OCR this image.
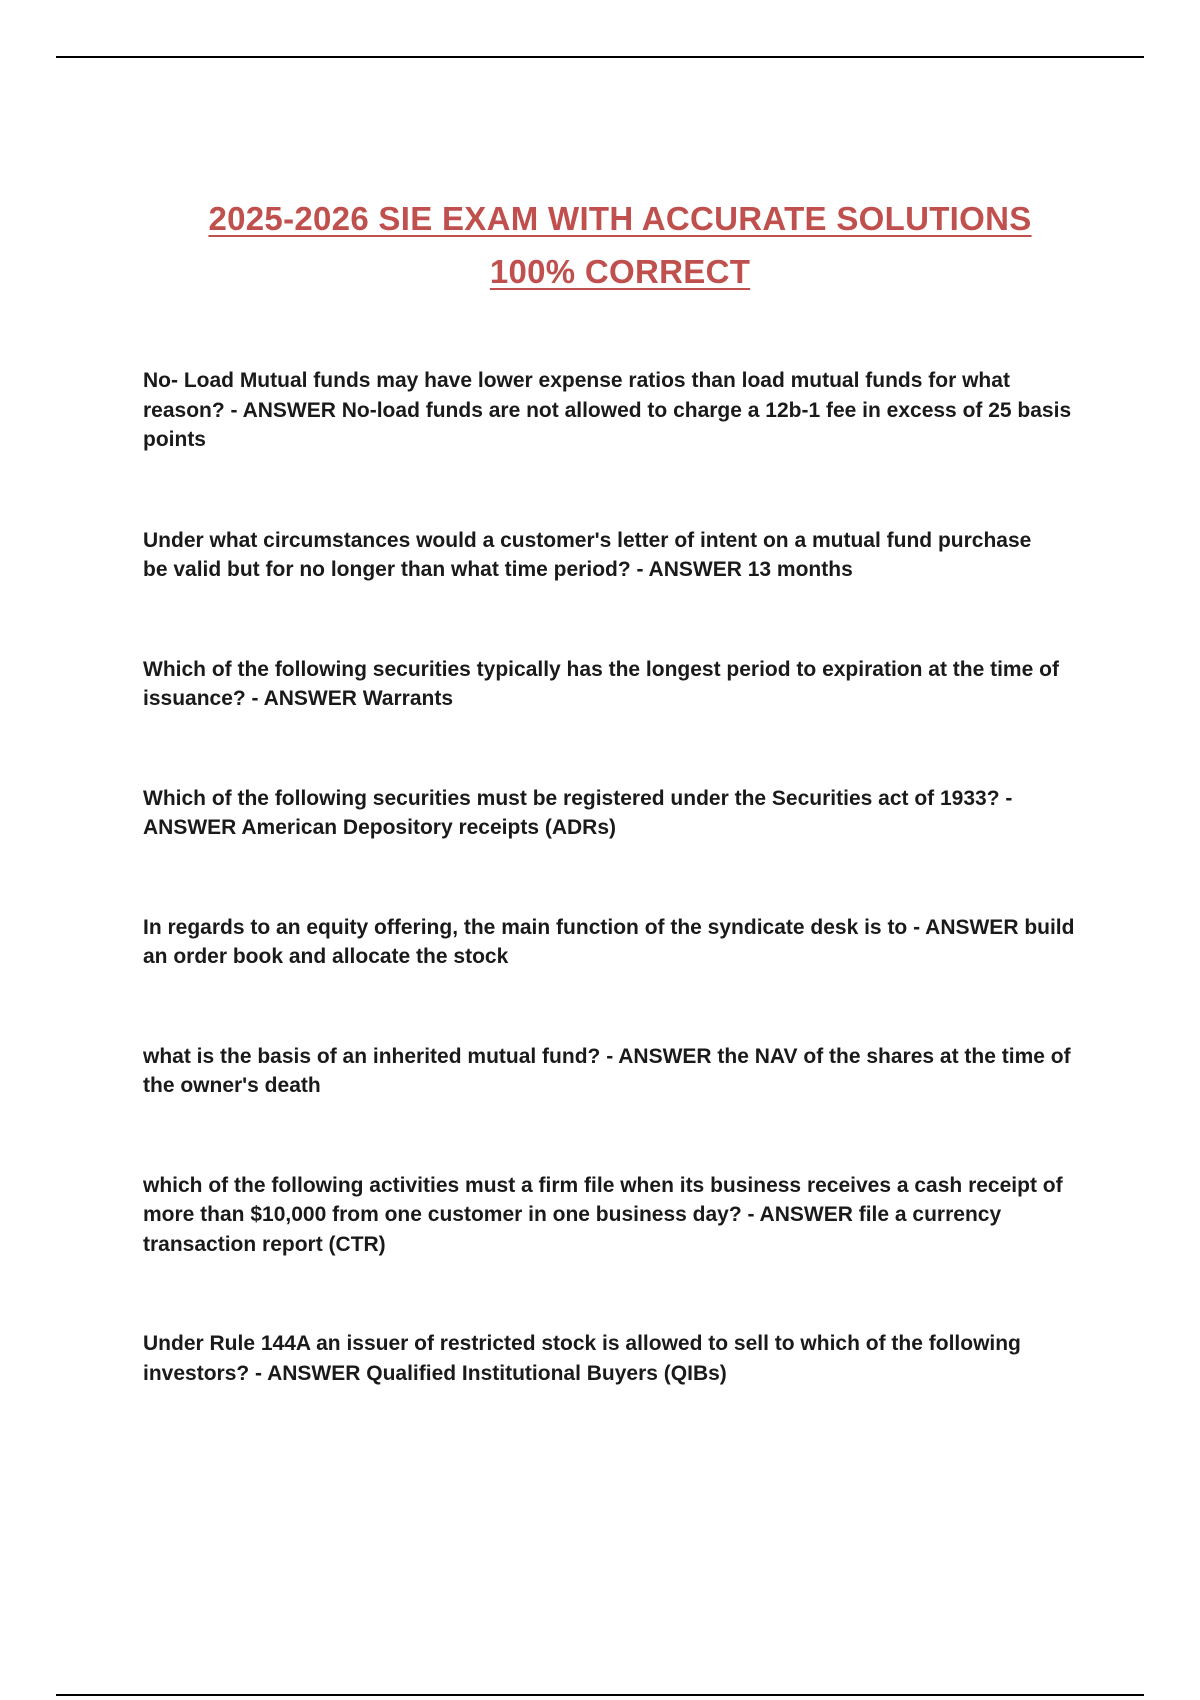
2025-2026 SIE EXAM WITH ACCURATE SOLUTIONS
100% CORRECT

No- Load Mutual funds may have lower expense ratios than load mutual funds for what reason? - ANSWER No-load funds are not allowed to charge a 12b-1 fee in excess of 25 basis points

Under what circumstances would a customer's letter of intent on a mutual fund purchase be valid but for no longer than what time period? - ANSWER 13 months

Which of the following securities typically has the longest period to expiration at the time of issuance? - ANSWER Warrants

Which of the following securities must be registered under the Securities act of 1933? - ANSWER American Depository receipts (ADRs)

In regards to an equity offering, the main function of the syndicate desk is to - ANSWER build an order book and allocate the stock

what is the basis of an inherited mutual fund? - ANSWER the NAV of the shares at the time of the owner's death

which of the following activities must a firm file when its business receives a cash receipt of more than $10,000 from one customer in one business day? - ANSWER file a currency transaction report (CTR)

Under Rule 144A an issuer of restricted stock is allowed to sell to which of the following investors? - ANSWER Qualified Institutional Buyers (QIBs)
